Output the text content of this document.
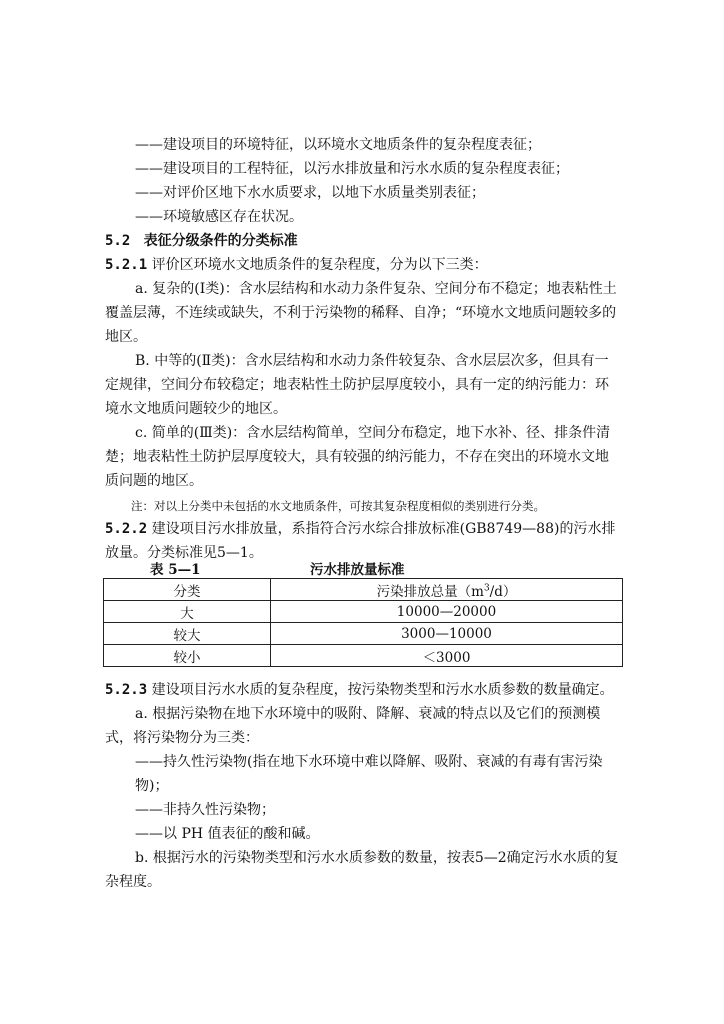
——建设项目的环境特征，以环境水文地质条件的复杂程度表征；

——建设项目的工程特征，以污水排放量和污水水质的复杂程度表征；

——对评价区地下水水质要求，以地下水质量类别表征；

——环境敏感区存在状况。

5.2 表征分级条件的分类标准

5.2.1 评价区环境水文地质条件的复杂程度，分为以下三类：

a. 复杂的(Ⅰ类)：含水层结构和水动力条件复杂、空间分布不稳定；地表粘性土覆盖层薄，不连续或缺失，不利于污染物的稀释、自净；“环境水文地质问题较多的地区。

B. 中等的(Ⅱ类)：含水层结构和水动力条件较复杂、含水层层次多，但具有一定规律，空间分布较稳定；地表粘性土防护层厚度较小，具有一定的纳污能力：环境水文地质问题较少的地区。

c. 简单的(Ⅲ类)：含水层结构简单，空间分布稳定，地下水补、径、排条件清楚；地表粘性土防护层厚度较大，具有较强的纳污能力，不存在突出的环境水文地质问题的地区。

注：对以上分类中未包括的水文地质条件，可按其复杂程度相似的类别进行分类。

5.2.2 建设项目污水排放量，系指符合污水综合排放标准(GB8749—88)的污水排放量。分类标准见5—1。

表 5—1	污水排放量标准
分类	污染排放总量$(m^3/d)$
大	10000—20000
较大	3000—10000
较小	＜3000

5.2.3 建设项目污水水质的复杂程度，按污染物类型和污水水质参数的数量确定。

a. 根据污染物在地下水环境中的吸附、降解、衰减的特点以及它们的预测模式，将污染物分为三类：

——持久性污染物(指在地下水环境中难以降解、吸附、衰减的有毒有害污染物)；

——非持久性污染物；

——以 PH 值表征的酸和碱。

b. 根据污水的污染物类型和污水水质参数的数量，按表5—2确定污水水质的复杂程度。
